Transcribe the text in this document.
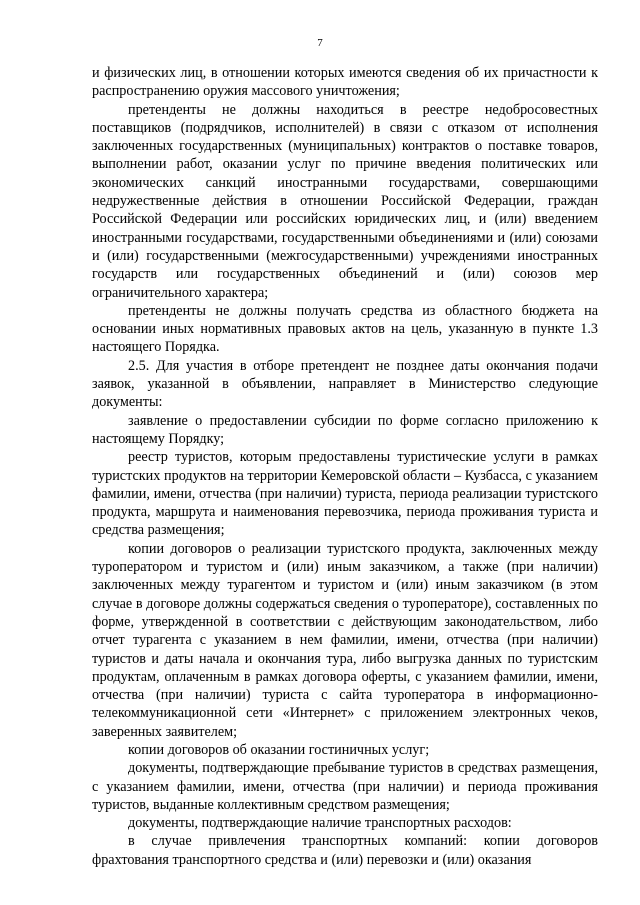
7

и физических лиц, в отношении которых имеются сведения об их причастности к распространению оружия массового уничтожения;

претенденты не должны находиться в реестре недобросовестных поставщиков (подрядчиков, исполнителей) в связи с отказом от исполнения заключенных государственных (муниципальных) контрактов о поставке товаров, выполнении работ, оказании услуг по причине введения политических или экономических санкций иностранными государствами, совершающими недружественные действия в отношении Российской Федерации, граждан Российской Федерации или российских юридических лиц, и (или) введением иностранными государствами, государственными объединениями и (или) союзами и (или) государственными (межгосударственными) учреждениями иностранных государств или государственных объединений и (или) союзов мер ограничительного характера;

претенденты не должны получать средства из областного бюджета на основании иных нормативных правовых актов на цель, указанную в пункте 1.3 настоящего Порядка.

2.5. Для участия в отборе претендент не позднее даты окончания подачи заявок, указанной в объявлении, направляет в Министерство следующие документы:

заявление о предоставлении субсидии по форме согласно приложению к настоящему Порядку;

реестр туристов, которым предоставлены туристические услуги в рамках туристских продуктов на территории Кемеровской области – Кузбасса, с указанием фамилии, имени, отчества (при наличии) туриста, периода реализации туристского продукта, маршрута и наименования перевозчика, периода проживания туриста и средства размещения;

копии договоров о реализации туристского продукта, заключенных между туроператором и туристом и (или) иным заказчиком, а также (при наличии) заключенных между турагентом и туристом и (или) иным заказчиком (в этом случае в договоре должны содержаться сведения о туроператоре), составленных по форме, утвержденной в соответствии с действующим законодательством, либо отчет турагента с указанием в нем фамилии, имени, отчества (при наличии) туристов и даты начала и окончания тура, либо выгрузка данных по туристским продуктам, оплаченным в рамках договора оферты, с указанием фамилии, имени, отчества (при наличии) туриста с сайта туроператора в информационно-телекоммуникационной сети «Интернет» с приложением электронных чеков, заверенных заявителем;

копии договоров об оказании гостиничных услуг;

документы, подтверждающие пребывание туристов в средствах размещения, с указанием фамилии, имени, отчества (при наличии) и периода проживания туристов, выданные коллективным средством размещения;

документы, подтверждающие наличие транспортных расходов:

в случае привлечения транспортных компаний: копии договоров фрахтования транспортного средства и (или) перевозки и (или) оказания
